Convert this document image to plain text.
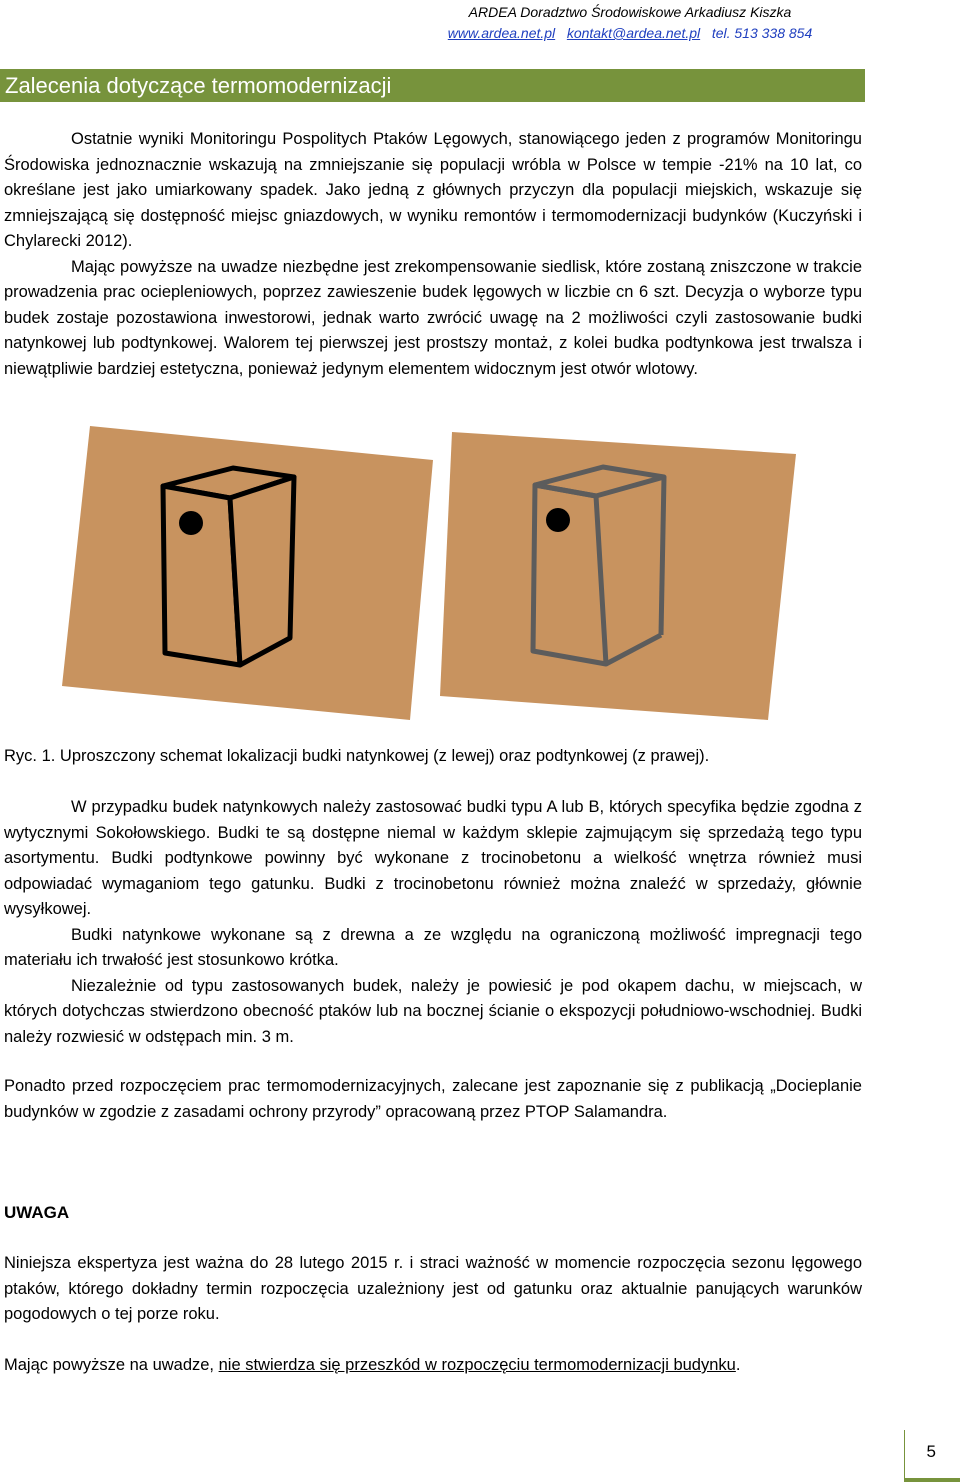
ARDEA Doradztwo Środowiskowe Arkadiusz Kiszka
www.ardea.net.pl kontakt@ardea.net.pl tel. 513 338 854
Zalecenia dotyczące termomodernizacji

Ostatnie wyniki Monitoringu Pospolitych Ptaków Lęgowych, stanowiącego jeden z programów Monitoringu Środowiska jednoznacznie wskazują na zmniejszanie się populacji wróbla w Polsce w tempie -21% na 10 lat, co określane jest jako umiarkowany spadek. Jako jedną z głównych przyczyn dla populacji miejskich, wskazuje się zmniejszającą się dostępność miejsc gniazdowych, w wyniku remontów i termomodernizacji budynków (Kuczyński i Chylarecki 2012).

Mając powyższe na uwadze niezbędne jest zrekompensowanie siedlisk, które zostaną zniszczone w trakcie prowadzenia prac ociepleniowych, poprzez zawieszenie budek lęgowych w liczbie cn 6 szt. Decyzja o wyborze typu budek zostaje pozostawiona inwestorowi, jednak warto zwrócić uwagę na 2 możliwości czyli zastosowanie budki natynkowej lub podtynkowej. Walorem tej pierwszej jest prostszy montaż, z kolei budka podtynkowa jest trwalsza i niewątpliwie bardziej estetyczna, ponieważ jedynym elementem widocznym jest otwór wlotowy.

Ryc. 1. Uproszczony schemat lokalizacji budki natynkowej (z lewej) oraz podtynkowej (z prawej).

W przypadku budek natynkowych należy zastosować budki typu A lub B, których specyfika będzie zgodna z wytycznymi Sokołowskiego. Budki te są dostępne niemal w każdym sklepie zajmującym się sprzedażą tego typu asortymentu. Budki podtynkowe powinny być wykonane z trocinobetonu a wielkość wnętrza również musi odpowiadać wymaganiom tego gatunku. Budki z trocinobetonu również można znaleźć w sprzedaży, głównie wysyłkowej.

Budki natynkowe wykonane są z drewna a ze względu na ograniczoną możliwość impregnacji tego materiału ich trwałość jest stosunkowo krótka.

Niezależnie od typu zastosowanych budek, należy je powiesić je pod okapem dachu, w miejscach, w których dotychczas stwierdzono obecność ptaków lub na bocznej ścianie o ekspozycji południowo-wschodniej. Budki należy rozwiesić w odstępach min. 3 m.

Ponadto przed rozpoczęciem prac termomodernizacyjnych, zalecane jest zapoznanie się z publikacją „Docieplanie budynków w zgodzie z zasadami ochrony przyrody” opracowaną przez PTOP Salamandra.

UWAGA

Niniejsza ekspertyza jest ważna do 28 lutego 2015 r. i straci ważność w momencie rozpoczęcia sezonu lęgowego ptaków, którego dokładny termin rozpoczęcia uzależniony jest od gatunku oraz aktualnie panujących warunków pogodowych o tej porze roku.

Mając powyższe na uwadze, nie stwierdza się przeszkód w rozpoczęciu termomodernizacji budynku.

5
